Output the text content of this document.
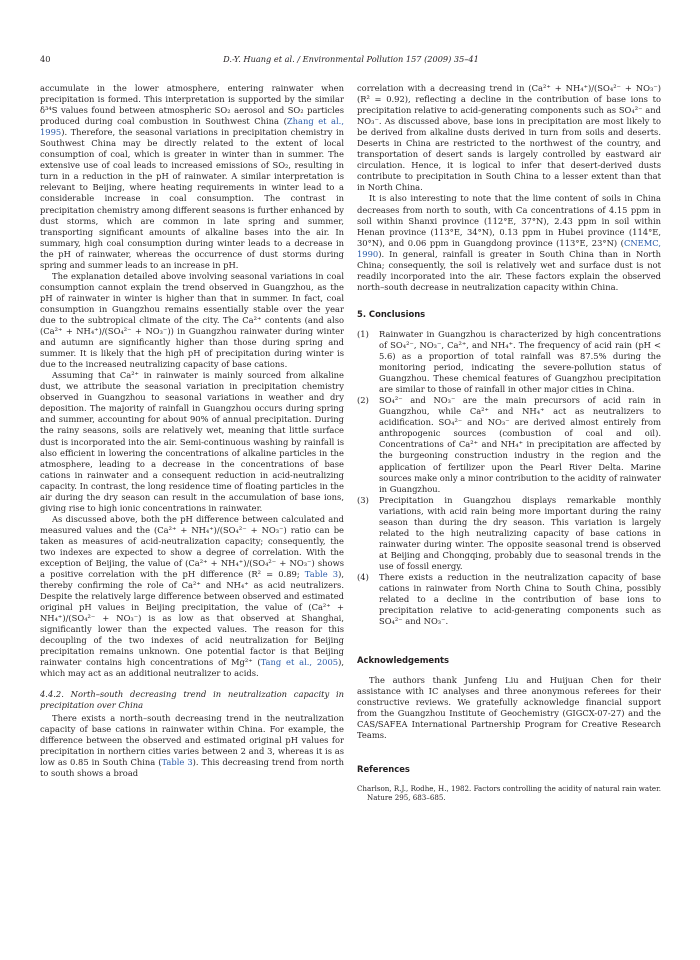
40	D.-Y. Huang et al. / Environmental Pollution 157 (2009) 35–41

accumulate in the lower atmosphere, entering rainwater when precipitation is formed. This interpretation is supported by the similar δ³⁴S values found between atmospheric SO₂ aerosol and SO₂ particles produced during coal combustion in Southwest China (Zhang et al., 1995). Therefore, the seasonal variations in precipitation chemistry in Southwest China may be directly related to the extent of local consumption of coal, which is greater in winter than in summer. The extensive use of coal leads to increased emissions of SO₂, resulting in turn in a reduction in the pH of rainwater. A similar interpretation is relevant to Beijing, where heating requirements in winter lead to a considerable increase in coal consumption. The contrast in precipitation chemistry among different seasons is further enhanced by dust storms, which are common in late spring and summer, transporting significant amounts of alkaline bases into the air. In summary, high coal consumption during winter leads to a decrease in the pH of rainwater, whereas the occurrence of dust storms during spring and summer leads to an increase in pH.

The explanation detailed above involving seasonal variations in coal consumption cannot explain the trend observed in Guangzhou, as the pH of rainwater in winter is higher than that in summer. In fact, coal consumption in Guangzhou remains essentially stable over the year due to the subtropical climate of the city. The Ca²⁺ contents (and also (Ca²⁺ + NH₄⁺)/(SO₄²⁻ + NO₃⁻)) in Guangzhou rainwater during winter and autumn are significantly higher than those during spring and summer. It is likely that the high pH of precipitation during winter is due to the increased neutralizing capacity of base cations.

Assuming that Ca²⁺ in rainwater is mainly sourced from alkaline dust, we attribute the seasonal variation in precipitation chemistry observed in Guangzhou to seasonal variations in weather and dry deposition. The majority of rainfall in Guangzhou occurs during spring and summer, accounting for about 90% of annual precipitation. During the rainy seasons, soils are relatively wet, meaning that little surface dust is incorporated into the air. Semi-continuous washing by rainfall is also efficient in lowering the concentrations of alkaline particles in the atmosphere, leading to a decrease in the concentrations of base cations in rainwater and a consequent reduction in acid-neutralizing capacity. In contrast, the long residence time of floating particles in the air during the dry season can result in the accumulation of base ions, giving rise to high ionic concentrations in rainwater.

As discussed above, both the pH difference between calculated and measured values and the (Ca²⁺ + NH₄⁺)/(SO₄²⁻ + NO₃⁻) ratio can be taken as measures of acid-neutralization capacity; consequently, the two indexes are expected to show a degree of correlation. With the exception of Beijing, the value of (Ca²⁺ + NH₄⁺)/(SO₄²⁻ + NO₃⁻) shows a positive correlation with the pH difference (R² = 0.89; Table 3), thereby confirming the role of Ca²⁺ and NH₄⁺ as acid neutralizers. Despite the relatively large difference between observed and estimated original pH values in Beijing precipitation, the value of (Ca²⁺ + NH₄⁺)/(SO₄²⁻ + NO₃⁻) is as low as that observed at Shanghai, significantly lower than the expected values. The reason for this decoupling of the two indexes of acid neutralization for Beijing precipitation remains unknown. One potential factor is that Beijing rainwater contains high concentrations of Mg²⁺ (Tang et al., 2005), which may act as an additional neutralizer to acids.

4.4.2. North–south decreasing trend in neutralization capacity in precipitation over China

There exists a north–south decreasing trend in the neutralization capacity of base cations in rainwater within China. For example, the difference between the observed and estimated original pH values for precipitation in northern cities varies between 2 and 3, whereas it is as low as 0.85 in South China (Table 3). This decreasing trend from north to south shows a broad

correlation with a decreasing trend in (Ca²⁺ + NH₄⁺)/(SO₄²⁻ + NO₃⁻) (R² = 0.92), reflecting a decline in the contribution of base ions to precipitation relative to acid-generating components such as SO₄²⁻ and NO₃⁻. As discussed above, base ions in precipitation are most likely to be derived from alkaline dusts derived in turn from soils and deserts. Deserts in China are restricted to the northwest of the country, and transportation of desert sands is largely controlled by eastward air circulation. Hence, it is logical to infer that desert-derived dusts contribute to precipitation in South China to a lesser extent than that in North China.

It is also interesting to note that the lime content of soils in China decreases from north to south, with Ca concentrations of 4.15 ppm in soil within Shanxi province (112°E, 37°N), 2.43 ppm in soil within Henan province (113°E, 34°N), 0.13 ppm in Hubei province (114°E, 30°N), and 0.06 ppm in Guangdong province (113°E, 23°N) (CNEMC, 1990). In general, rainfall is greater in South China than in North China; consequently, the soil is relatively wet and surface dust is not readily incorporated into the air. These factors explain the observed north–south decrease in neutralization capacity within China.

5. Conclusions
(1) Rainwater in Guangzhou is characterized by high concentrations of SO₄²⁻, NO₃⁻, Ca²⁺, and NH₄⁺. The frequency of acid rain (pH < 5.6) as a proportion of total rainfall was 87.5% during the monitoring period, indicating the severe-pollution status of Guangzhou. These chemical features of Guangzhou precipitation are similar to those of rainfall in other major cities in China.
(2) SO₄²⁻ and NO₃⁻ are the main precursors of acid rain in Guangzhou, while Ca²⁺ and NH₄⁺ act as neutralizers to acidification. SO₄²⁻ and NO₃⁻ are derived almost entirely from anthropogenic sources (combustion of coal and oil). Concentrations of Ca²⁺ and NH₄⁺ in precipitation are affected by the burgeoning construction industry in the region and the application of fertilizer upon the Pearl River Delta. Marine sources make only a minor contribution to the acidity of rainwater in Guangzhou.
(3) Precipitation in Guangzhou displays remarkable monthly variations, with acid rain being more important during the rainy season than during the dry season. This variation is largely related to the high neutralizing capacity of base cations in rainwater during winter. The opposite seasonal trend is observed at Beijing and Chongqing, probably due to seasonal trends in the use of fossil energy.
(4) There exists a reduction in the neutralization capacity of base cations in rainwater from North China to South China, possibly related to a decline in the contribution of base ions to precipitation relative to acid-generating components such as SO₄²⁻ and NO₃⁻.
Acknowledgements

The authors thank Junfeng Liu and Huijuan Chen for their assistance with IC analyses and three anonymous referees for their constructive reviews. We gratefully acknowledge financial support from the Guangzhou Institute of Geochemistry (GIGCX-07-27) and the CAS/SAFEA International Partnership Program for Creative Research Teams.

References

Charlson, R.J., Rodhe, H., 1982. Factors controlling the acidity of natural rain water. Nature 295, 683–685.
